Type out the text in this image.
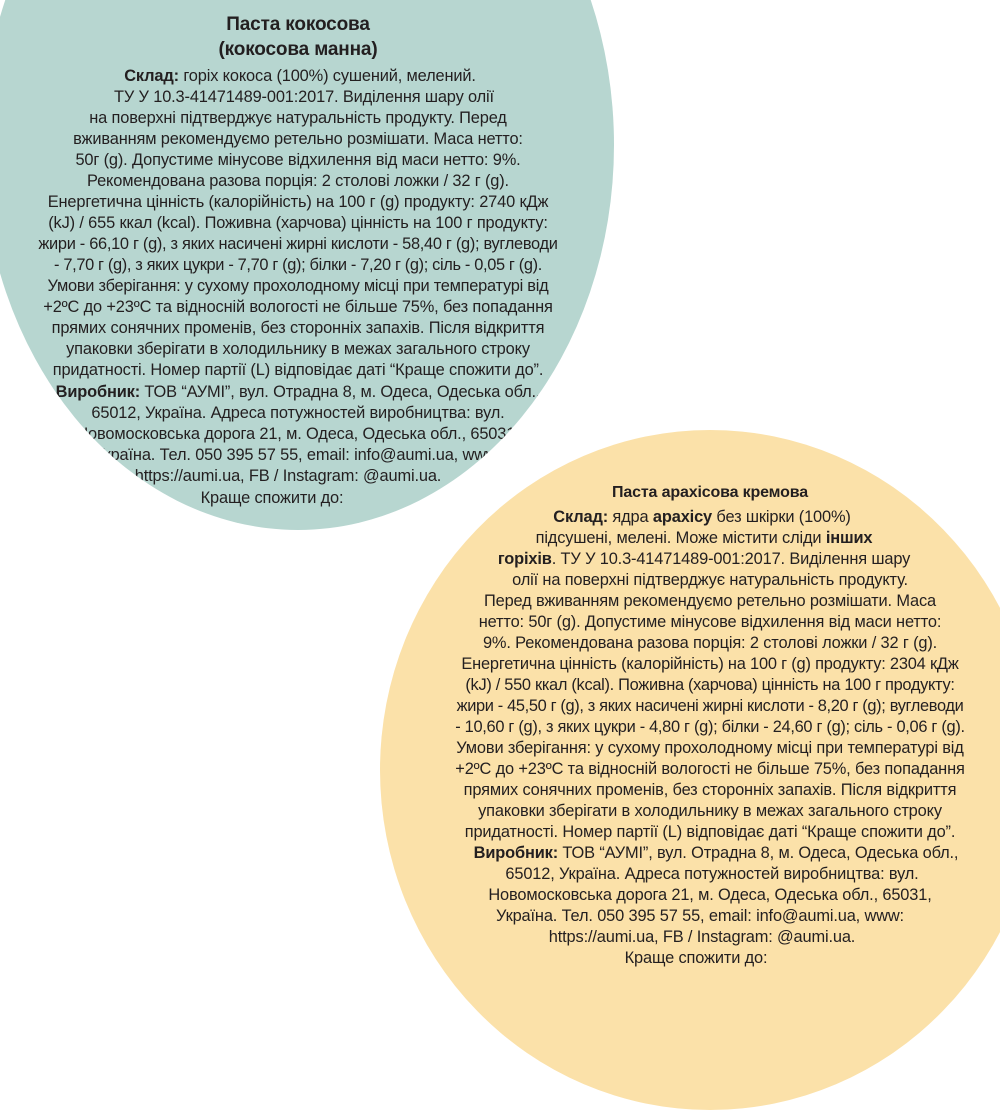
Паста кокосова

(кокосова манна)

Склад: горіх кокоса (100%) сушений, мелений.

ТУ У 10.3-41471489-001:2017. Виділення шару олії

на поверхні підтверджує натуральність продукту. Перед

вживанням рекомендуємо ретельно розмішати. Маса нетто:

50г (g). Допустиме мінусове відхилення від маси нетто: 9%.

Рекомендована разова порція: 2 столові ложки / 32 г (g).

Енергетична цінність (калорійність) на 100 г (g) продукту: 2740 кДж

(kJ) / 655 ккал (kcal). Поживна (харчова) цінність на 100 г продукту:

жири - 66,10 г (g), з яких насичені жирні кислоти - 58,40 г (g); вуглеводи

- 7,70 г (g), з яких цукри - 7,70 г (g); білки - 7,20 г (g); сіль - 0,05 г (g).

Умови зберігання: у сухому прохолодному місці при температурі від

+2ºС до +23ºС та відносній вологості не більше 75%, без попадання

прямих сонячних променів, без сторонніх запахів. Після відкриття

упаковки зберігати в холодильнику в межах загального строку

придатності. Номер партії (L) відповідає даті “Краще спожити до”.

Виробник: ТОВ “АУМІ”, вул. Отрадна 8, м. Одеса, Одеська обл.,

65012, Україна. Адреса потужностей виробництва: вул.

Новомосковська дорога 21, м. Одеса, Одеська обл., 65031,

Україна. Тел. 050 395 57 55, email: info@aumi.ua, www:

https://aumi.ua, FB / Instagram: @aumi.ua.

Краще спожити до:	Паста арахісова кремова

Склад: ядра арахісу без шкірки (100%)

підсушені, мелені. Може містити сліди інших

горіхів. ТУ У 10.3-41471489-001:2017. Виділення шару

олії на поверхні підтверджує натуральність продукту.

Перед вживанням рекомендуємо ретельно розмішати. Маса

нетто: 50г (g). Допустиме мінусове відхилення від маси нетто:

9%. Рекомендована разова порція: 2 столові ложки / 32 г (g).

Енергетична цінність (калорійність) на 100 г (g) продукту: 2304 кДж

(kJ) / 550 ккал (kcal). Поживна (харчова) цінність на 100 г продукту:

жири - 45,50 г (g), з яких насичені жирні кислоти - 8,20 г (g); вуглеводи

- 10,60 г (g), з яких цукри - 4,80 г (g); білки - 24,60 г (g); сіль - 0,06 г (g).

Умови зберігання: у сухому прохолодному місці при температурі від

+2ºС до +23ºС та відносній вологості не більше 75%, без попадання

прямих сонячних променів, без сторонніх запахів. Після відкриття

упаковки зберігати в холодильнику в межах загального строку

придатності. Номер партії (L) відповідає даті “Краще спожити до”.

Виробник: ТОВ “АУМІ”, вул. Отрадна 8, м. Одеса, Одеська обл.,

65012, Україна. Адреса потужностей виробництва: вул.

Новомосковська дорога 21, м. Одеса, Одеська обл., 65031,

Україна. Тел. 050 395 57 55, email: info@aumi.ua, www:

https://aumi.ua, FB / Instagram: @aumi.ua.

Краще спожити до:
